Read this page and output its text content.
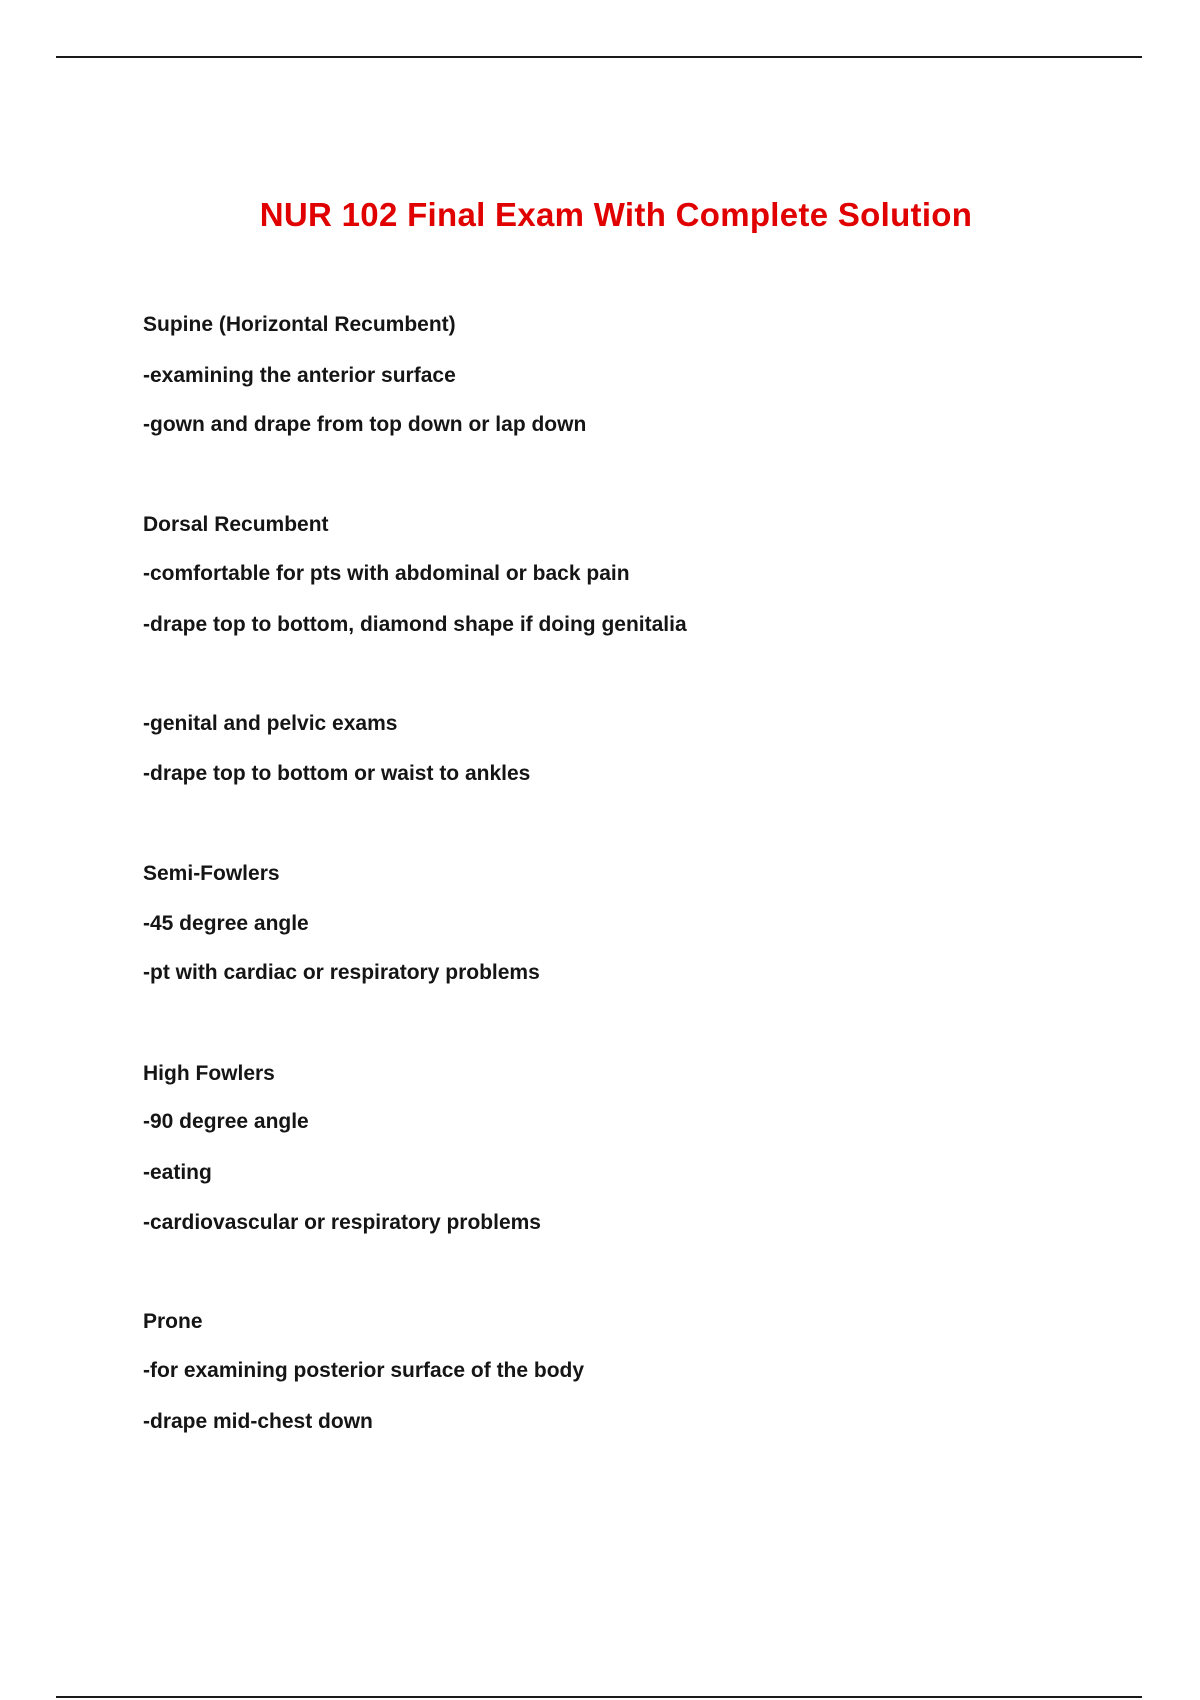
NUR 102 Final Exam With Complete Solution
Supine (Horizontal Recumbent)
-examining the anterior surface
-gown and drape from top down or lap down
Dorsal Recumbent
-comfortable for pts with abdominal or back pain
-drape top to bottom, diamond shape if doing genitalia
-genital and pelvic exams
-drape top to bottom or waist to ankles
Semi-Fowlers
-45 degree angle
-pt with cardiac or respiratory problems
High Fowlers
-90 degree angle
-eating
-cardiovascular or respiratory problems
Prone
-for examining posterior surface of the body
-drape mid-chest down
